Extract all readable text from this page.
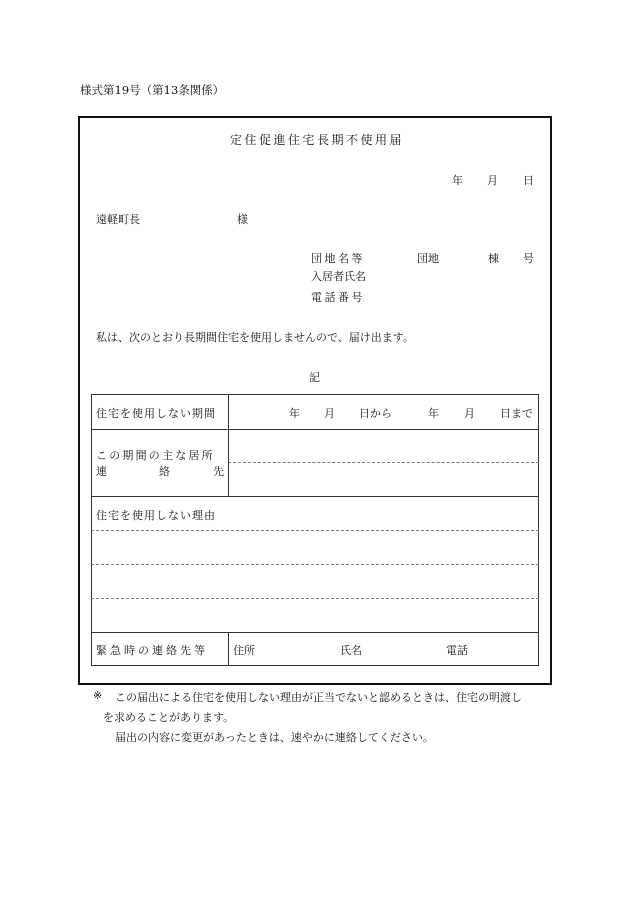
様式第19号（第13条関係）
定住促進住宅長期不使用届
年 月 日
遠軽町長	様
団地名等	団地	棟 号
入居者氏名
電話番号
私は、次のとおり長期間住宅を使用しませんので、届け出ます。
記
住宅を使用しない期間	年 月 日から	年 月 日まで
この期間の主な居所
連	絡	先
住宅を使用しない理由
緊急時の連絡先等 住所	氏名	電話
※ この届出による住宅を使用しない理由が正当でないと認めるときは、住宅の明渡し
を求めることがあります。
届出の内容に変更があったときは、速やかに連絡してください。
